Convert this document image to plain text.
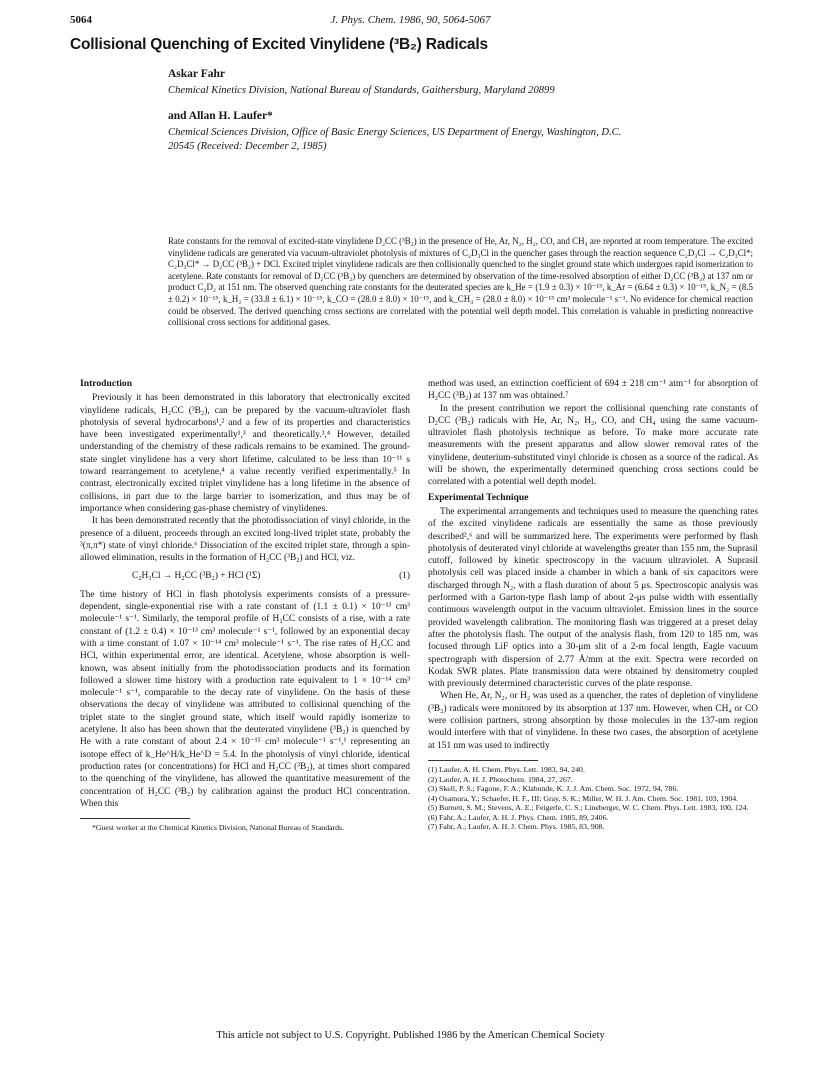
5064	J. Phys. Chem. 1986, 90, 5064-5067
Collisional Quenching of Excited Vinylidene (³B₂) Radicals
Askar Fahr
Chemical Kinetics Division, National Bureau of Standards, Gaithersburg, Maryland 20899
and Allan H. Laufer*
Chemical Sciences Division, Office of Basic Energy Sciences, US Department of Energy, Washington, D.C. 20545 (Received: December 2, 1985)
Rate constants for the removal of excited-state vinylidene D₂CC (³B₂) in the presence of He, Ar, N₂, H₂, CO, and CH₄ are reported at room temperature. The excited vinylidene radicals are generated via vacuum-ultraviolet photolysis of mixtures of C₂D₃Cl in the quencher gases through the reaction sequence C₂D₃Cl → C₂D₃Cl*; C₂D₃Cl* → D₂CC (³B₂) + DCl. Excited triplet vinylidene radicals are then collisionally quenched to the singlet ground state which undergoes rapid isomerization to acetylene. Rate constants for removal of D₂CC (³B₂) by quenchers are determined by observation of the time-resolved absorption of either D₂CC (³B₂) at 137 nm or product C₂D₂ at 151 nm. The observed quenching rate constants for the deuterated species are k_He = (1.9 ± 0.3) × 10⁻¹⁵, k_Ar = (6.64 ± 0.3) × 10⁻¹⁵, k_N₂ = (8.5 ± 0.2) × 10⁻¹⁵, k_H₂ = (33.8 ± 6.1) × 10⁻¹⁵, k_CO = (28.0 ± 8.0) × 10⁻¹⁵, and k_CH₄ = (28.0 ± 8.0) × 10⁻¹⁵ cm³ molecule⁻¹ s⁻¹. No evidence for chemical reaction could be observed. The derived quenching cross sections are correlated with the potential well depth model. This correlation is valuable in predicting nonreactive collisional cross sections for additional gases.
Introduction

Previously it has been demonstrated in this laboratory that electronically excited vinylidene radicals, H₂CC (³B₂), can be prepared by the vacuum-ultraviolet flash photolysis of several hydrocarbons¹,² and a few of its properties and characteristics have been investigated experimentally¹,³ and theoretically.³,⁴ However, detailed understanding of the chemistry of these radicals remains to be examined. The ground-state singlet vinylidene has a very short lifetime, calculated to be less than 10⁻¹¹ s toward rearrangement to acetylene,⁴ a value recently verified experimentally.⁵ In contrast, electronically excited triplet vinylidene has a long lifetime in the absence of collisions, in part due to the large barrier to isomerization, and thus may be of importance when considering gas-phase chemistry of vinylidenes.

It has been demonstrated recently that the photodissociation of vinyl chloride, in the presence of a diluent, proceeds through an excited long-lived triplet state, probably the ³(π,π*) state of vinyl chloride.⁶ Dissociation of the excited triplet state, through a spin-allowed elimination, results in the formation of H₂CC (³B₂) and HCl, viz.

C₂H₃Cl → H₂CC (³B₂) + HCl (¹Σ)	(1)

The time history of HCl in flash photolysis experiments consists of a pressure-dependent, single-exponential rise with a rate constant of (1.1 ± 0.1) × 10⁻¹³ cm³ molecule⁻¹ s⁻¹. Similarly, the temporal profile of H₂CC consists of a rise, with a rate constant of (1.2 ± 0.4) × 10⁻¹³ cm³ molecule⁻¹ s⁻¹, followed by an exponential decay with a time constant of 1.07 × 10⁻¹⁴ cm³ molecule⁻¹ s⁻¹. The rise rates of H₂CC and HCl, within experimental error, are identical. Acetylene, whose absorption is well-known, was absent initially from the photodissociation products and its formation followed a slower time history with a production rate equivalent to 1 × 10⁻¹⁴ cm³ molecule⁻¹ s⁻¹, comparable to the decay rate of vinylidene. On the basis of these observations the decay of vinylidene was attributed to collisional quenching of the triplet state to the singlet ground state, which itself would rapidly isomerize to acetylene. It also has been shown that the deuterated vinylidene (³B₂) is quenched by He with a rate constant of about 2.4 × 10⁻¹⁵ cm³ molecule⁻¹ s⁻¹,¹ representing an isotope effect of k_He^H/k_He^D = 5.4. In the photolysis of vinyl chloride, identical production rates (or concentrations) for HCl and H₂CC (³B₂), at times short compared to the quenching of the vinylidene, has allowed the quantitative measurement of the concentration of H₂CC (³B₂) by calibration against the product HCl concentration. When this

*Guest worker at the Chemical Kinetics Division, National Bureau of Standards.

method was used, an extinction coefficient of 694 ± 218 cm⁻¹ atm⁻¹ for absorption of H₂CC (³B₂) at 137 nm was obtained.⁷

In the present contribution we report the collisional quenching rate constants of D₂CC (³B₂) radicals with He, Ar, N₂, H₂, CO, and CH₄ using the same vacuum-ultraviolet flash photolysis technique as before. To make more accurate rate measurements with the present apparatus and allow slower removal rates of the vinylidene, deuterium-substituted vinyl chloride is chosen as a source of the radical. As will be shown, the experimentally determined quenching cross sections could be correlated with a potential well depth model.

Experimental Technique

The experimental arrangements and techniques used to measure the quenching rates of the excited vinylidene radicals are essentially the same as those previously described²,⁶ and will be summarized here. The experiments were performed by flash photolysis of deuterated vinyl chloride at wavelengths greater than 155 nm, the Suprasil cutoff, followed by kinetic spectroscopy in the vacuum ultraviolet. A Suprasil photolysis cell was placed inside a chamber in which a bank of six capacitors were discharged through N₂, with a flash duration of about 5 μs. Spectroscopic analysis was performed with a Garton-type flash lamp of about 2-μs pulse width with essentially continuous wavelength output in the vacuum ultraviolet. Emission lines in the source provided wavelength calibration. The monitoring flash was triggered at a preset delay after the photolysis flash. The output of the analysis flash, from 120 to 185 nm, was focused through LiF optics into a 30-μm slit of a 2-m focal length, Eagle vacuum spectrograph with dispersion of 2.77 Å/mm at the exit. Spectra were recorded on Kodak SWR plates. Plate transmission data were obtained by densitometry coupled with previously determined characteristic curves of the plate response.

When He, Ar, N₂, or H₂ was used as a quencher, the rates of depletion of vinylidene (³B₂) radicals were monitored by its absorption at 137 nm. However, when CH₄ or CO were collision partners, strong absorption by those molecules in the 137-nm region would interfere with that of vinylidene. In these two cases, the absorption of acetylene at 151 nm was used to indirectly

(1) Laufer, A. H. Chem. Phys. Lett. 1983, 94, 240.
(2) Laufer, A. H. J. Photochem. 1984, 27, 267.
(3) Skell, P. S.; Fagone, F. A.; Klabunde, K. J. J. Am. Chem. Soc. 1972, 94, 786.
(4) Osamura, Y.; Schaefer, H. F., III; Gray, S. K.; Miller, W. H. J. Am. Chem. Soc. 1981, 103, 1904.
(5) Burnett, S. M.; Stevens, A. E.; Feigerle, C. S.; Lineberger, W. C. Chem. Phys. Lett. 1983, 100, 124.
(6) Fahr, A.; Laufer, A. H. J. Phys. Chem. 1985, 89, 2406.
(7) Fahr, A.; Laufer, A. H. J. Chem. Phys. 1985, 83, 908.
This article not subject to U.S. Copyright. Published 1986 by the American Chemical Society
